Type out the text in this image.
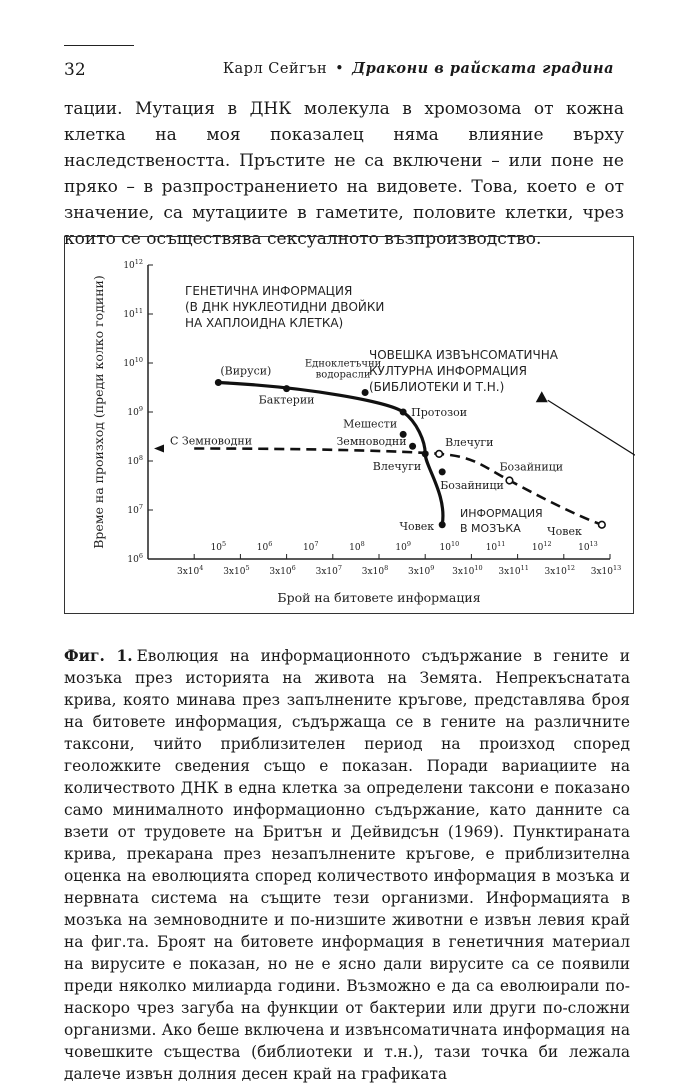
32	Карл Сейгън • Дракони в райската градина

тации. Мутация в ДНК молекула в хромозома от кожна клетка на моя показалец няма влияние върху наследствеността. Пръстите не са включени – или поне не пряко – в разпространението на видовете. Това, което е от значение, са мутациите в гаметите, половите клетки, чрез които се осъществява сексуалното възпроизводство.

$10^6$
$10^7$
$10^8$
$10^9$
$10^{10}$
$10^{11}$
$10^{12}$
$3x10^4$ $3x10^5$ $3x10^6$ $3x10^7$ $3x10^8$ $3x10^9$ $3x10^{10}$ $3x10^{11}$ $3x10^{12}$ $3x10^{13}$
$10^5$	$10^6$	$10^7$	$10^8$	$10^9$	$10^{10}$	$10^{11}$	$10^{12}$	$10^{13}$
Брой на битовете информация
Време на произход (преди колко години)	(Вируси)
Бактерии
Едноклетъчни
водорасли
Протозои
Мешести
Земноводни
Влечуги
Бозайници
Човек
С Земноводни	Влечуги
Бозайници
Човек
ГЕНЕТИЧНА ИНФОРМАЦИЯ
(В ДНК НУКЛЕОТИДНИ ДВОЙКИ
НА ХАПЛОИДНА КЛЕТКА)
ЧОВЕШКА ИЗВЪНСОМАТИЧНА
КУЛТУРНА ИНФОРМАЦИЯ
(БИБЛИОТЕКИ И Т.Н.)
ИНФОРМАЦИЯ
В МОЗЪКА

Фиг. 1. Еволюция на информационното съдържание в гените и мозъка през историята на живота на Земята. Непрекъснатата крива, която минава през запълнените кръгове, представлява броя на битовете информация, съдържаща се в гените на различните таксони, чийто приблизителен период на произход според геоложките сведения също е показан. Поради вариациите на количеството ДНК в една клетка за определени таксони е показано само минималното информационно съдържание, като данните са взети от трудовете на Бритън и Дейвидсън (1969). Пунктираната крива, прекарана през незапълнените кръгове, е приблизителна оценка на еволюцията според количеството информация в мозъка и нервната система на същите тези организми. Информацията в мозъка на земноводните и по-низшите животни е извън левия край на фиг.та. Броят на битовете информация в генетичния материал на вирусите е показан, но не е ясно дали вирусите са се появили преди няколко милиарда години. Възможно е да са еволюирали по-наскоро чрез загуба на функции от бактерии или други по-сложни организми. Ако беше включена и извънсоматичната информация на човешките същества (библиотеки и т.н.), тази точка би лежала далече извън долния десен край на графиката
